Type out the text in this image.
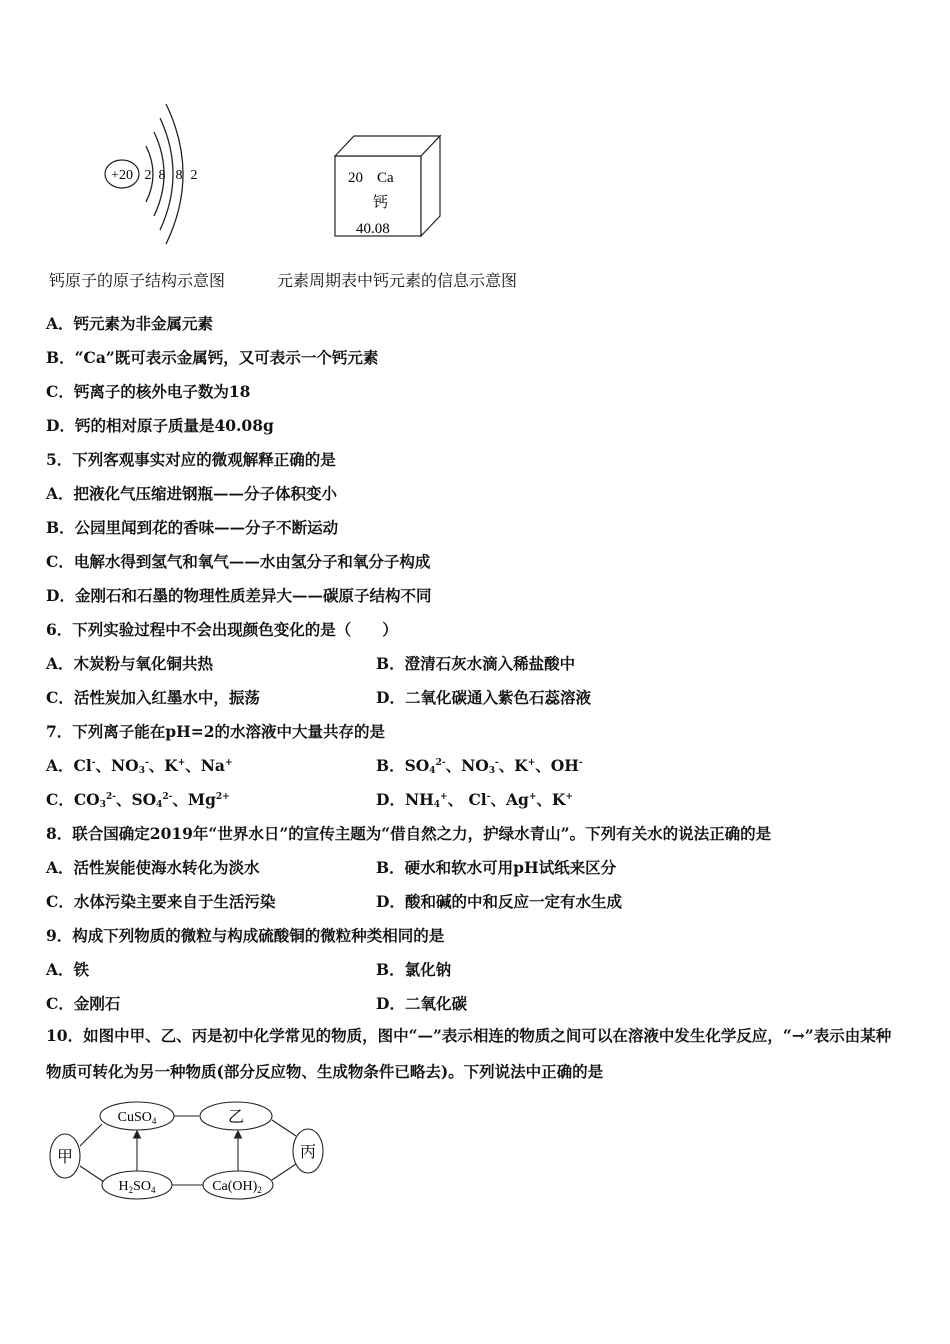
+20 2 8 8 2	20 Ca
钙
40.08
钙原子的原子结构示意图	元素周期表中钙元素的信息示意图
A．钙元素为非金属元素
B．“Ca”既可表示金属钙，又可表示一个钙元素
C．钙离子的核外电子数为18
D．钙的相对原子质量是40.08g
5．下列客观事实对应的微观解释正确的是
A．把液化气压缩进钢瓶——分子体积变小
B．公园里闻到花的香味——分子不断运动
C．电解水得到氢气和氧气——水由氢分子和氧分子构成
D．金刚石和石墨的物理性质差异大——碳原子结构不同
6．下列实验过程中不会出现颜色变化的是（　　）
A．木炭粉与氧化铜共热	B．澄清石灰水滴入稀盐酸中
C．活性炭加入红墨水中，振荡	D．二氧化碳通入紫色石蕊溶液
7．下列离子能在pH=2的水溶液中大量共存的是
A．Cl-、$NO_3^-$、K+、Na+	B．$SO_4^{2-}$、$NO_3^-$、K+、OH-
C．$CO_3^{2-}$、$SO_4^{2-}$、$Mg^{2+}$	D．$NH_4^+$、 Cl-、Ag+、K+
8．联合国确定2019年“世界水日”的宣传主题为“借自然之力，护绿水青山”。下列有关水的说法正确的是
A．活性炭能使海水转化为淡水	B．硬水和软水可用pH试纸来区分
C．水体污染主要来自于生活污染	D．酸和碱的中和反应一定有水生成
9．构成下列物质的微粒与构成硫酸铜的微粒种类相同的是
A．铁	B．氯化钠
C．金刚石	D．二氧化碳
10．如图中甲、乙、丙是初中化学常见的物质，图中“—”表示相连的物质之间可以在溶液中发生化学反应，“→”表示由某种物质可转化为另一种物质(部分反应物、生成物条件已略去)。下列说法中正确的是
甲
CuSO$_4$	乙
丙
$H_2SO_4$	$Ca(OH)_2$
